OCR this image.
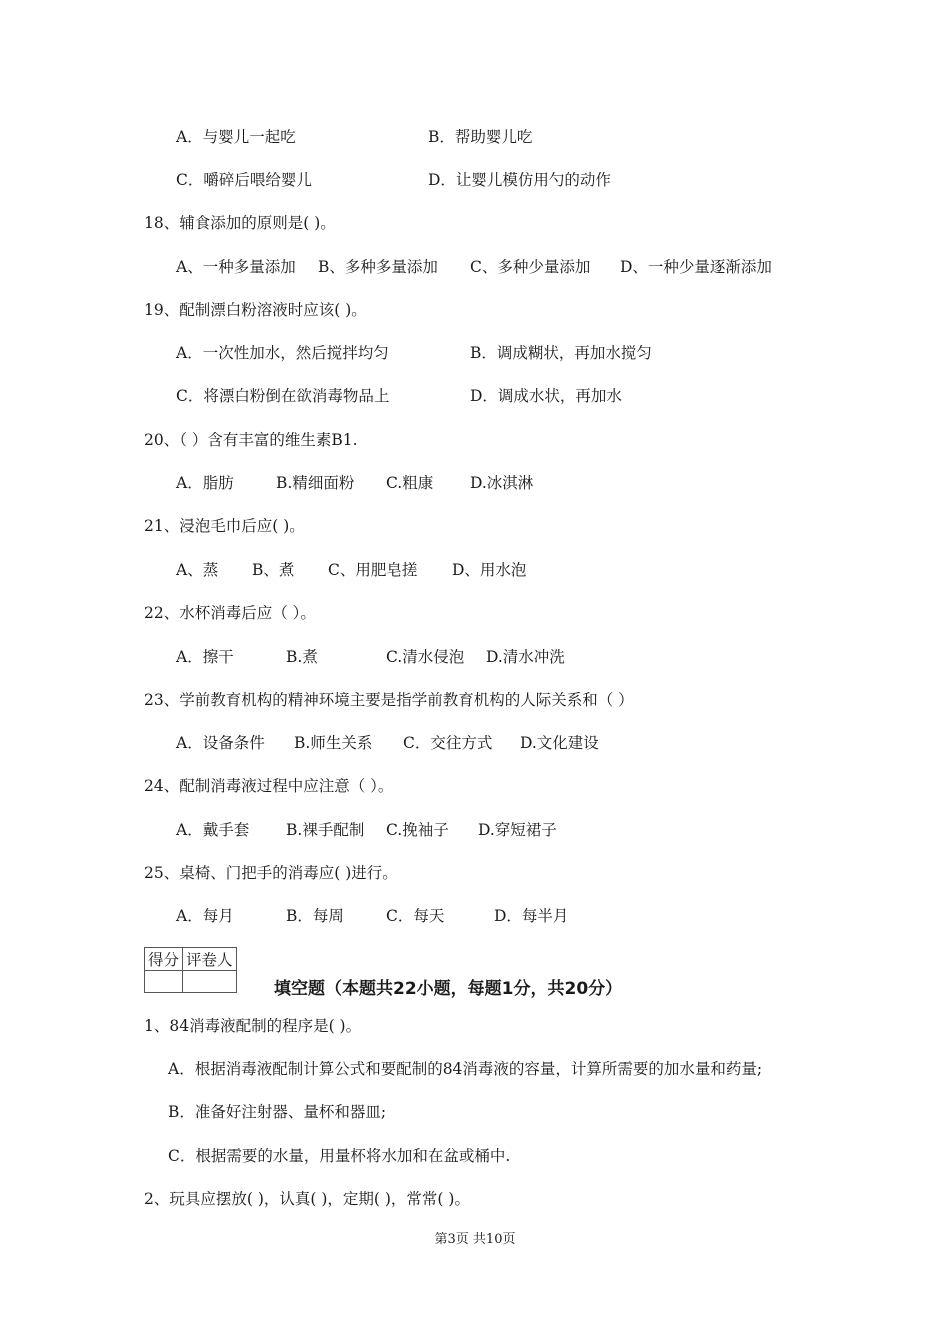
A．与婴儿一起吃	B．帮助婴儿吃
C．嚼碎后喂给婴儿	D．让婴儿模仿用勺的动作
18、辅食添加的原则是( )。
A、一种多量添加 B、多种多量添加 C、多种少量添加 D、一种少量逐渐添加
19、配制漂白粉溶液时应该( )。
A．一次性加水，然后搅拌均匀	B．调成糊状，再加水搅匀
C．将漂白粉倒在欲消毒物品上	D．调成水状，再加水
20、（ ）含有丰富的维生素B1.
A．脂肪	B.精细面粉 C.粗康 D.冰淇淋
21、浸泡毛巾后应( )。
A、蒸 B、煮 C、用肥皂搓 D、用水泡
22、水杯消毒后应（ ）。
A．擦干	B.煮	C.清水侵泡 D.清水冲洗
23、学前教育机构的精神环境主要是指学前教育机构的人际关系和（ ）
A．设备条件 B.师生关系 C．交往方式 D.文化建设
24、配制消毒液过程中应注意（ ）。
A．戴手套 B.裸手配制 C.挽袖子 D.穿短裙子
25、桌椅、门把手的消毒应( )进行。
A．每月	B．每周	C．每天	D．每半月
得分	评卷人

填空题（本题共22小题，每题1分，共20分）
1、84消毒液配制的程序是( )。
A．根据消毒液配制计算公式和要配制的84消毒液的容量，计算所需要的加水量和药量;
B．准备好注射器、量杯和器皿;
C．根据需要的水量，用量杯将水加和在盆或桶中.
2、玩具应摆放( )，认真( )，定期( )，常常( )。
第3页 共10页
